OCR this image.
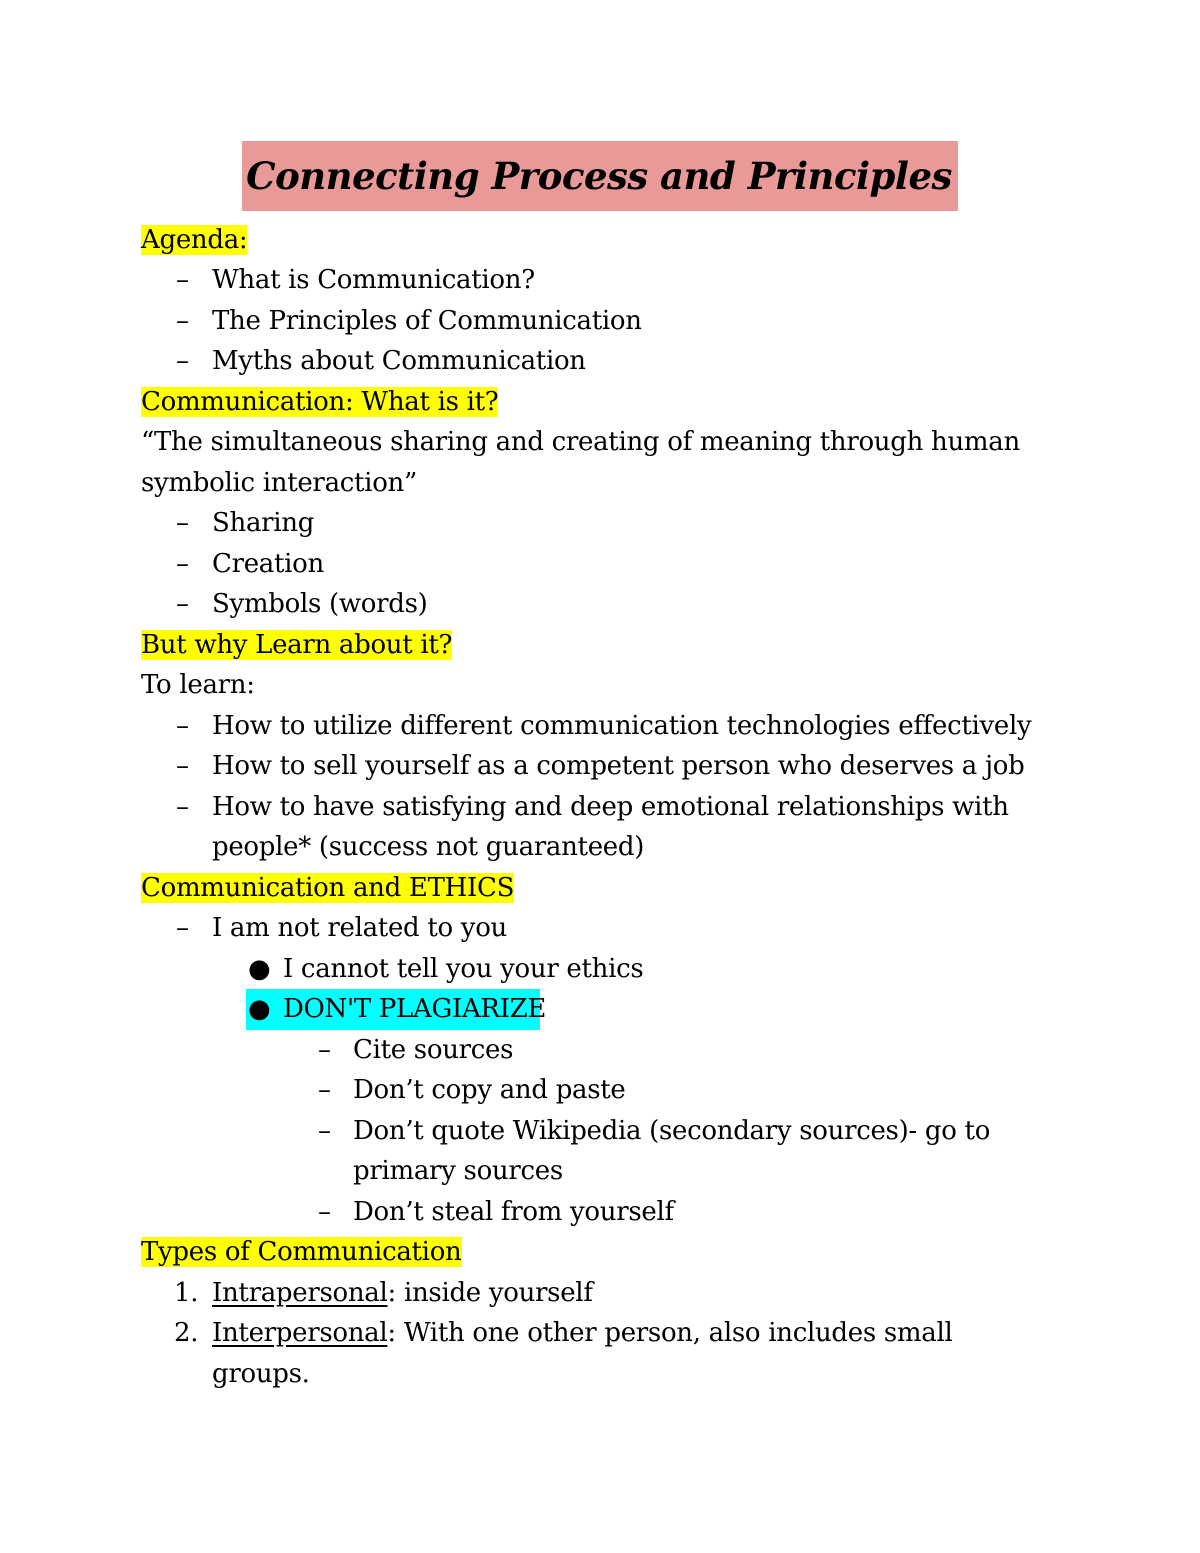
Connecting Process and Principles
Agenda:
– What is Communication?
– The Principles of Communication
– Myths about Communication
Communication: What is it?
“The simultaneous sharing and creating of meaning through human
symbolic interaction”
– Sharing
– Creation
– Symbols (words)
But why Learn about it?
To learn:
– How to utilize different communication technologies effectively
– How to sell yourself as a competent person who deserves a job
– How to have satisfying and deep emotional relationships with
people* (success not guaranteed)
Communication and ETHICS
– I am not related to you
● I cannot tell you your ethics
● DON'T PLAGIARIZE
– Cite sources
– Don’t copy and paste
– Don’t quote Wikipedia (secondary sources)- go to
primary sources
– Don’t steal from yourself
Types of Communication
1. Intrapersonal: inside yourself
2. Interpersonal: With one other person, also includes small
groups.
